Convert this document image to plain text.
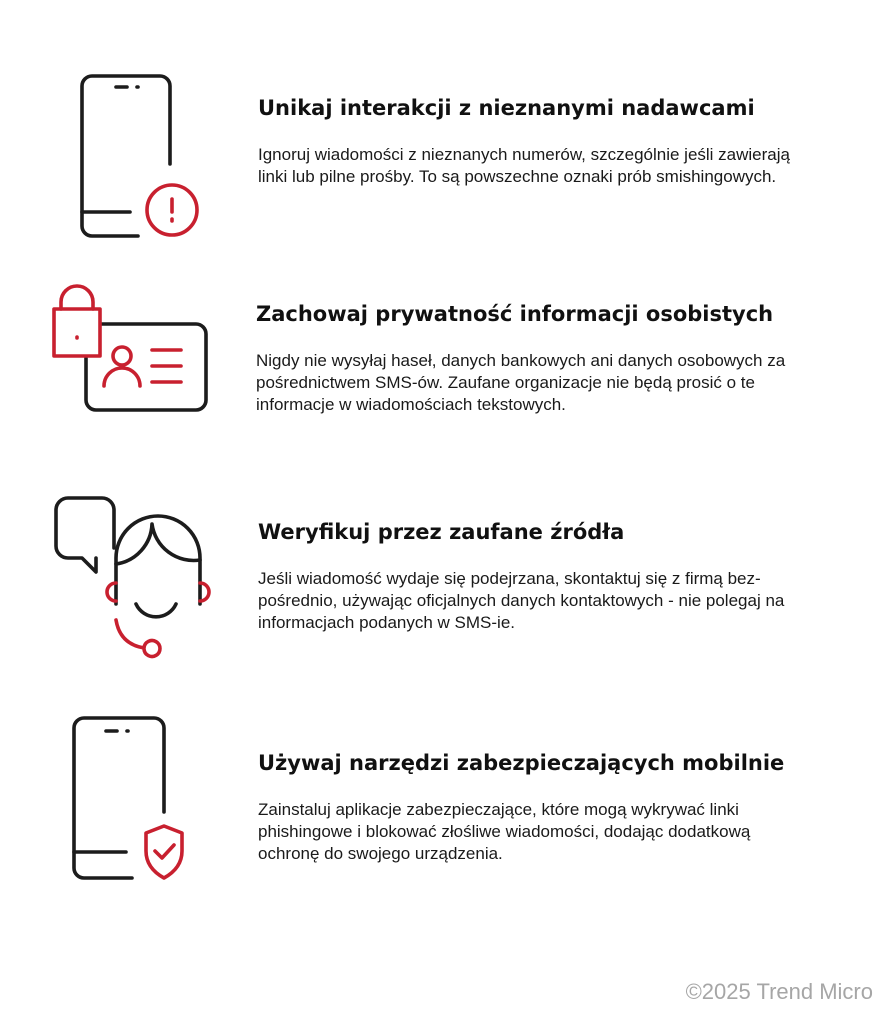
Unikaj interakcji z nieznanymi nadawcami

Ignoruj wiadomości z nieznanych numerów, szczególnie jeśli zawierają linki lub pilne prośby. To są powszechne oznaki prób smishingowych.

Zachowaj prywatność informacji osobistych

Nigdy nie wysyłaj haseł, danych bankowych ani danych osobowych za pośrednictwem SMS-ów. Zaufane organizacje nie będą prosić o te informacje w wiadomościach tekstowych.

Weryfikuj przez zaufane źródła

Jeśli wiadomość wydaje się podejrzana, skontaktuj się z firmą bez-pośrednio, używając oficjalnych danych kontaktowych - nie polegaj na informacjach podanych w SMS-ie.

Używaj narzędzi zabezpieczających mobilnie

Zainstaluj aplikacje zabezpieczające, które mogą wykrywać linki phishingowe i blokować złośliwe wiadomości, dodając dodatkową ochronę do swojego urządzenia.

©2025 Trend Micro
